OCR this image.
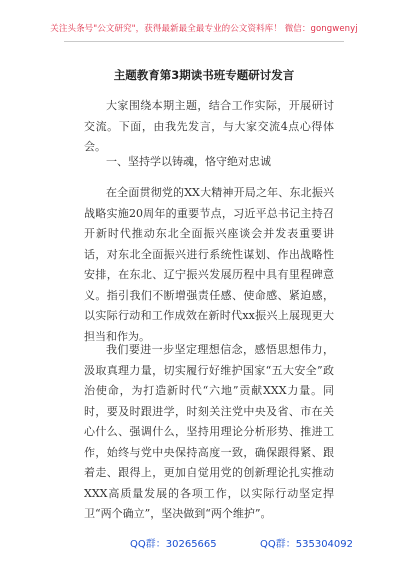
关注头条号"公文研究"，获得最新最全最专业的公文资料库！ 微信：gongwenyj
主题教育第3期读书班专题研讨发言

大家围绕本期主题，结合工作实际，开展研讨交流。下面，由我先发言，与大家交流4点心得体会。

一、坚持学以铸魂，恪守绝对忠诚

在全面贯彻党的XX大精神开局之年、东北振兴战略实施20周年的重要节点，习近平总书记主持召开新时代推动东北全面振兴座谈会并发表重要讲话，对东北全面振兴进行系统性谋划、作出战略性安排，在东北、辽宁振兴发展历程中具有里程碑意义。指引我们不断增强责任感、使命感、紧迫感，以实际行动和工作成效在新时代xx振兴上展现更大担当和作为。

我们要进一步坚定理想信念，感悟思想伟力，汲取真理力量，切实履行好维护国家“五大安全”政治使命，为打造新时代“六地”贡献XXX力量。同时，要及时跟进学，时刻关注党中央及省、市在关心什么、强调什么，坚持用理论分析形势、推进工作，始终与党中央保持高度一致，确保跟得紧、跟着走、跟得上，更加自觉用党的创新理论扎实推动XXX高质量发展的各项工作，以实际行动坚定捍卫“两个确立”，坚决做到“两个维护”。

QQ群：30265665	QQ群：535304092
